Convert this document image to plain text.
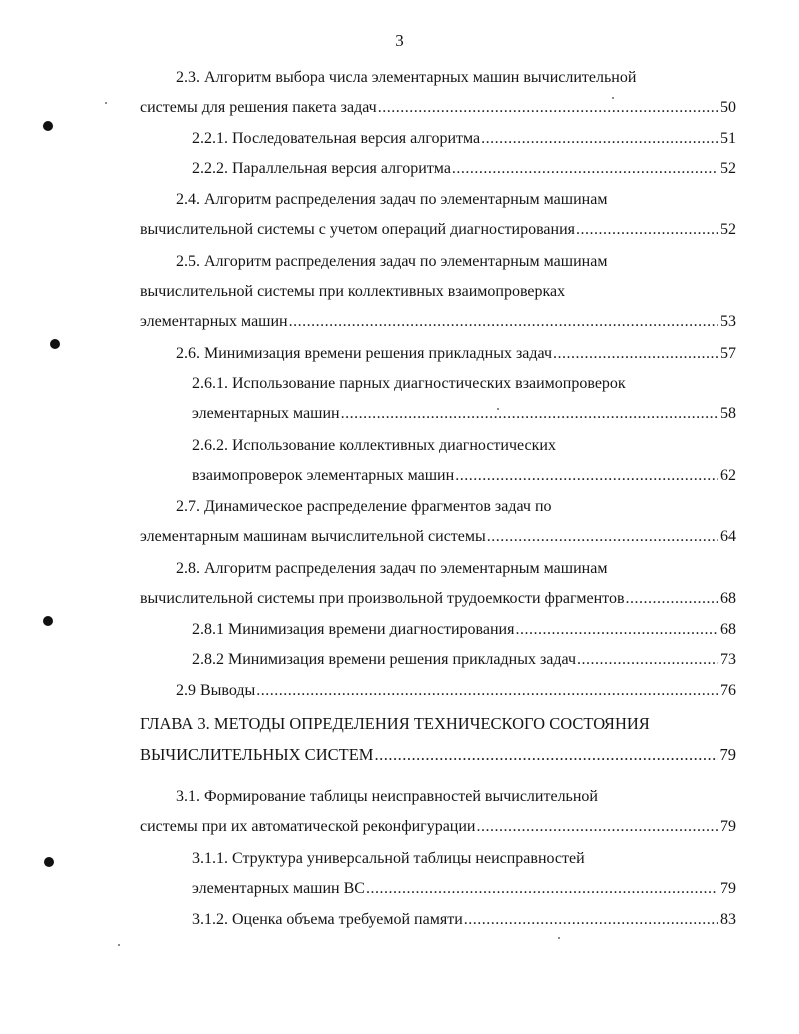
3
2.3. Алгоритм выбора числа элементарных машин вычислительной
системы для решения пакета задач .....	50
2.2.1. Последовательная версия алгоритма .....	51
2.2.2. Параллельная версия алгоритма .....	52
2.4. Алгоритм распределения задач по элементарным машинам
вычислительной системы с учетом операций диагностирования .....	52
2.5. Алгоритм распределения задач по элементарным машинам
вычислительной системы при коллективных взаимопроверках
элементарных машин .....	53
2.6. Минимизация времени решения прикладных задач .....	57
2.6.1. Использование парных диагностических взаимопроверок
элементарных машин .....	58
2.6.2. Использование коллективных диагностических
взаимопроверок элементарных машин .....	62
2.7. Динамическое распределение фрагментов задач по
элементарным машинам вычислительной системы .....	64
2.8. Алгоритм распределения задач по элементарным машинам
вычислительной системы при произвольной трудоемкости фрагментов .....	68
2.8.1 Минимизация времени диагностирования .....	68
2.8.2 Минимизация времени решения прикладных задач .....	73
2.9 Выводы .....	76
ГЛАВА 3. МЕТОДЫ ОПРЕДЕЛЕНИЯ ТЕХНИЧЕСКОГО СОСТОЯНИЯ
ВЫЧИСЛИТЕЛЬНЫХ СИСТЕМ .....	79
3.1. Формирование таблицы неисправностей вычислительной
системы при их автоматической реконфигурации .....	79
3.1.1. Структура универсальной таблицы неисправностей
элементарных машин ВС .....	79
3.1.2. Оценка объема требуемой памяти .....	83
